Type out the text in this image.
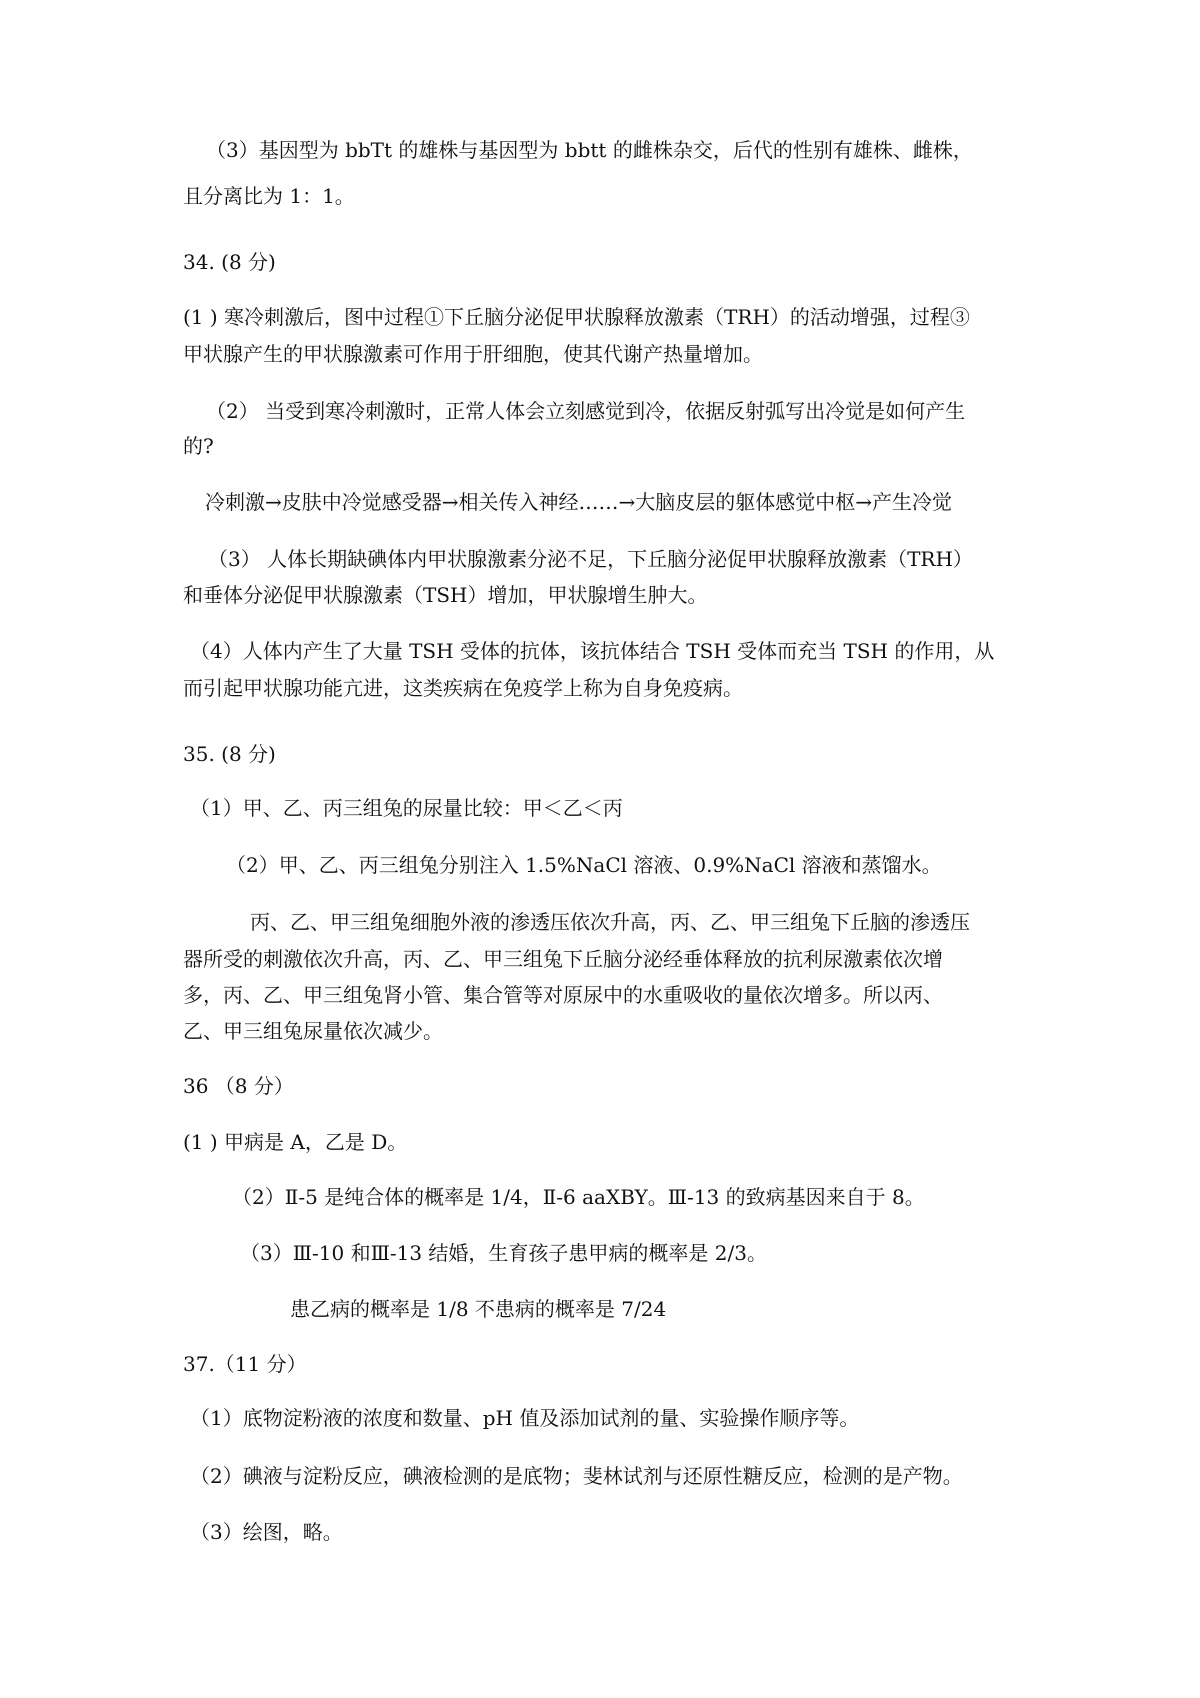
（3）基因型为 bbTt 的雄株与基因型为 bbtt 的雌株杂交，后代的性别有雄株、雌株，
且分离比为 1：1。
34. (8 分)
(1 ) 寒冷刺激后，图中过程①下丘脑分泌促甲状腺释放激素（TRH）的活动增强，过程③
甲状腺产生的甲状腺激素可作用于肝细胞，使其代谢产热量增加。
（2） 当受到寒冷刺激时，正常人体会立刻感觉到冷，依据反射弧写出冷觉是如何产生
的?
冷刺激→皮肤中冷觉感受器→相关传入神经……→大脑皮层的躯体感觉中枢→产生冷觉
（3） 人体长期缺碘体内甲状腺激素分泌不足，下丘脑分泌促甲状腺释放激素（TRH）
和垂体分泌促甲状腺激素（TSH）增加，甲状腺增生肿大。
（4）人体内产生了大量 TSH 受体的抗体，该抗体结合 TSH 受体而充当 TSH 的作用，从
而引起甲状腺功能亢进，这类疾病在免疫学上称为自身免疫病。
35. (8 分)
（1）甲、乙、丙三组兔的尿量比较：甲＜乙＜丙
（2）甲、乙、丙三组兔分别注入 1.5%NaCl 溶液、0.9%NaCl 溶液和蒸馏水。
丙、乙、甲三组兔细胞外液的渗透压依次升高，丙、乙、甲三组兔下丘脑的渗透压
器所受的刺激依次升高，丙、乙、甲三组兔下丘脑分泌经垂体释放的抗利尿激素依次增
多，丙、乙、甲三组兔肾小管、集合管等对原尿中的水重吸收的量依次增多。所以丙、
乙、甲三组兔尿量依次减少。
36 （8 分）
(1 ) 甲病是 A，乙是 D。
（2）Ⅱ-5 是纯合体的概率是 1/4，Ⅱ-6 aaXBY。Ⅲ-13 的致病基因来自于 8。
（3）Ⅲ-10 和Ⅲ-13 结婚，生育孩子患甲病的概率是 2/3。
患乙病的概率是 1/8 不患病的概率是 7/24
37.（11 分）
（1）底物淀粉液的浓度和数量、pH 值及添加试剂的量、实验操作顺序等。
（2）碘液与淀粉反应，碘液检测的是底物；斐林试剂与还原性糖反应，检测的是产物。
（3）绘图，略。
